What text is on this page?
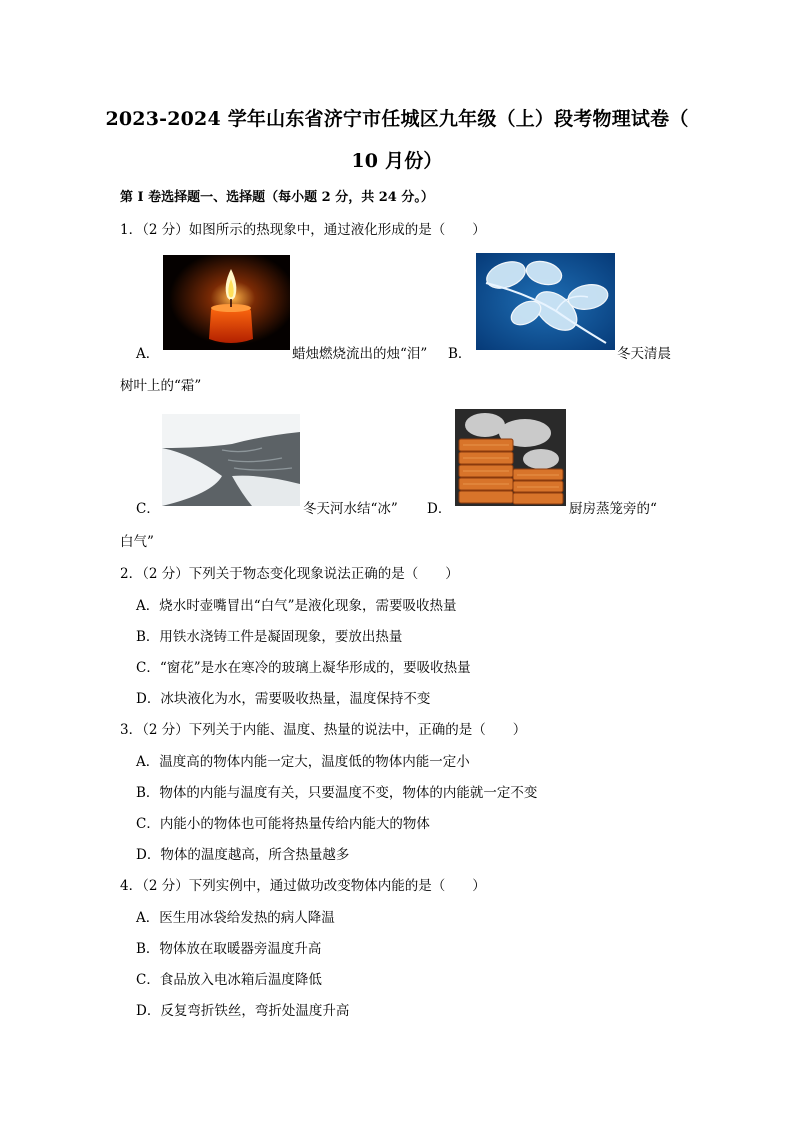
2023-2024 学年山东省济宁市任城区九年级（上）段考物理试卷（
10 月份）
第 I 卷选择题一、选择题（每小题 2 分，共 24 分。）
1．（2 分）如图所示的热现象中，通过液化形成的是（　　）
A．	蜡烛燃烧流出的烛“泪” B．	冬天清晨
树叶上的“霜”
C．	冬天河水结“冰” D．	厨房蒸笼旁的“
白气”
2．（2 分）下列关于物态变化现象说法正确的是（　　）
A．烧水时壶嘴冒出“白气”是液化现象，需要吸收热量
B．用铁水浇铸工件是凝固现象，要放出热量
C．“窗花”是水在寒冷的玻璃上凝华形成的，要吸收热量
D．冰块液化为水，需要吸收热量，温度保持不变
3．（2 分）下列关于内能、温度、热量的说法中，正确的是（　　）
A．温度高的物体内能一定大，温度低的物体内能一定小
B．物体的内能与温度有关，只要温度不变，物体的内能就一定不变
C．内能小的物体也可能将热量传给内能大的物体
D．物体的温度越高，所含热量越多
4．（2 分）下列实例中，通过做功改变物体内能的是（　　）
A．医生用冰袋给发热的病人降温
B．物体放在取暖器旁温度升高
C．食品放入电冰箱后温度降低
D．反复弯折铁丝，弯折处温度升高
